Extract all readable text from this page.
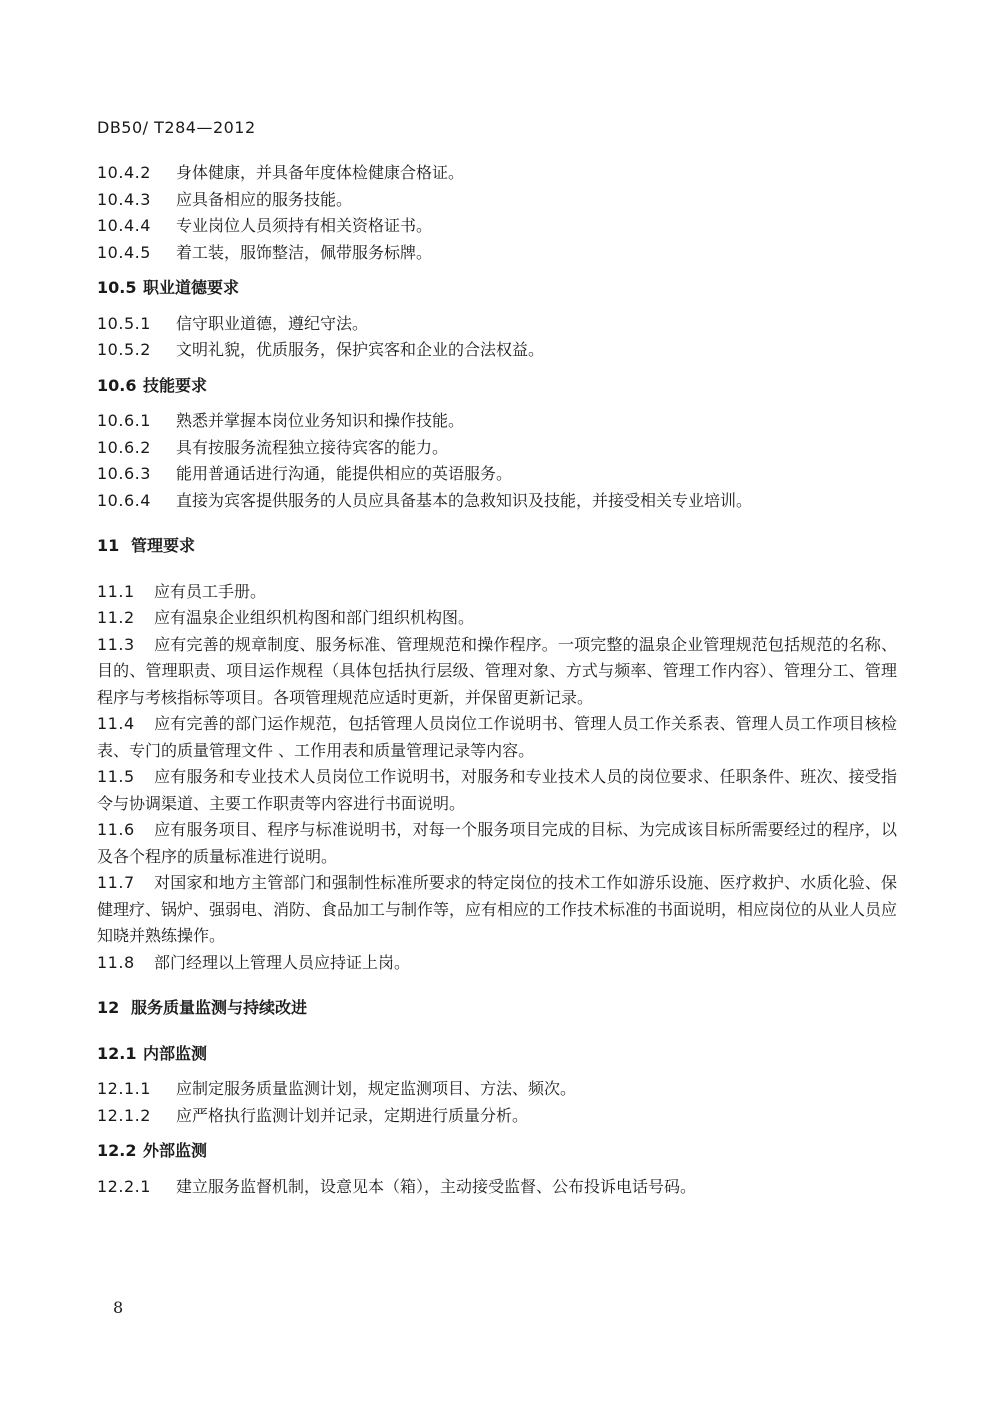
DB50/ T284—2012
10.4.2 身体健康，并具备年度体检健康合格证。
10.4.3 应具备相应的服务技能。
10.4.4 专业岗位人员须持有相关资格证书。
10.4.5 着工装，服饰整洁，佩带服务标牌。
10.5 职业道德要求
10.5.1 信守职业道德，遵纪守法。
10.5.2 文明礼貌，优质服务，保护宾客和企业的合法权益。
10.6 技能要求
10.6.1 熟悉并掌握本岗位业务知识和操作技能。
10.6.2 具有按服务流程独立接待宾客的能力。
10.6.3 能用普通话进行沟通，能提供相应的英语服务。
10.6.4 直接为宾客提供服务的人员应具备基本的急救知识及技能，并接受相关专业培训。
11 管理要求
11.1 应有员工手册。
11.2 应有温泉企业组织机构图和部门组织机构图。
11.3 应有完善的规章制度、服务标准、管理规范和操作程序。一项完整的温泉企业管理规范包括规范的名称、目的、管理职责、项目运作规程（具体包括执行层级、管理对象、方式与频率、管理工作内容）、管理分工、管理程序与考核指标等项目。各项管理规范应适时更新，并保留更新记录。
11.4 应有完善的部门运作规范，包括管理人员岗位工作说明书、管理人员工作关系表、管理人员工作项目核检表、专门的质量管理文件 、工作用表和质量管理记录等内容。
11.5 应有服务和专业技术人员岗位工作说明书，对服务和专业技术人员的岗位要求、任职条件、班次、接受指令与协调渠道、主要工作职责等内容进行书面说明。
11.6 应有服务项目、程序与标准说明书，对每一个服务项目完成的目标、为完成该目标所需要经过的程序，以及各个程序的质量标准进行说明。
11.7 对国家和地方主管部门和强制性标准所要求的特定岗位的技术工作如游乐设施、医疗救护、水质化验、保健理疗、锅炉、强弱电、消防、食品加工与制作等，应有相应的工作技术标准的书面说明，相应岗位的从业人员应知晓并熟练操作。
11.8 部门经理以上管理人员应持证上岗。
12 服务质量监测与持续改进
12.1 内部监测
12.1.1 应制定服务质量监测计划，规定监测项目、方法、频次。
12.1.2 应严格执行监测计划并记录，定期进行质量分析。
12.2 外部监测
12.2.1 建立服务监督机制，设意见本（箱），主动接受监督、公布投诉电话号码。
8
